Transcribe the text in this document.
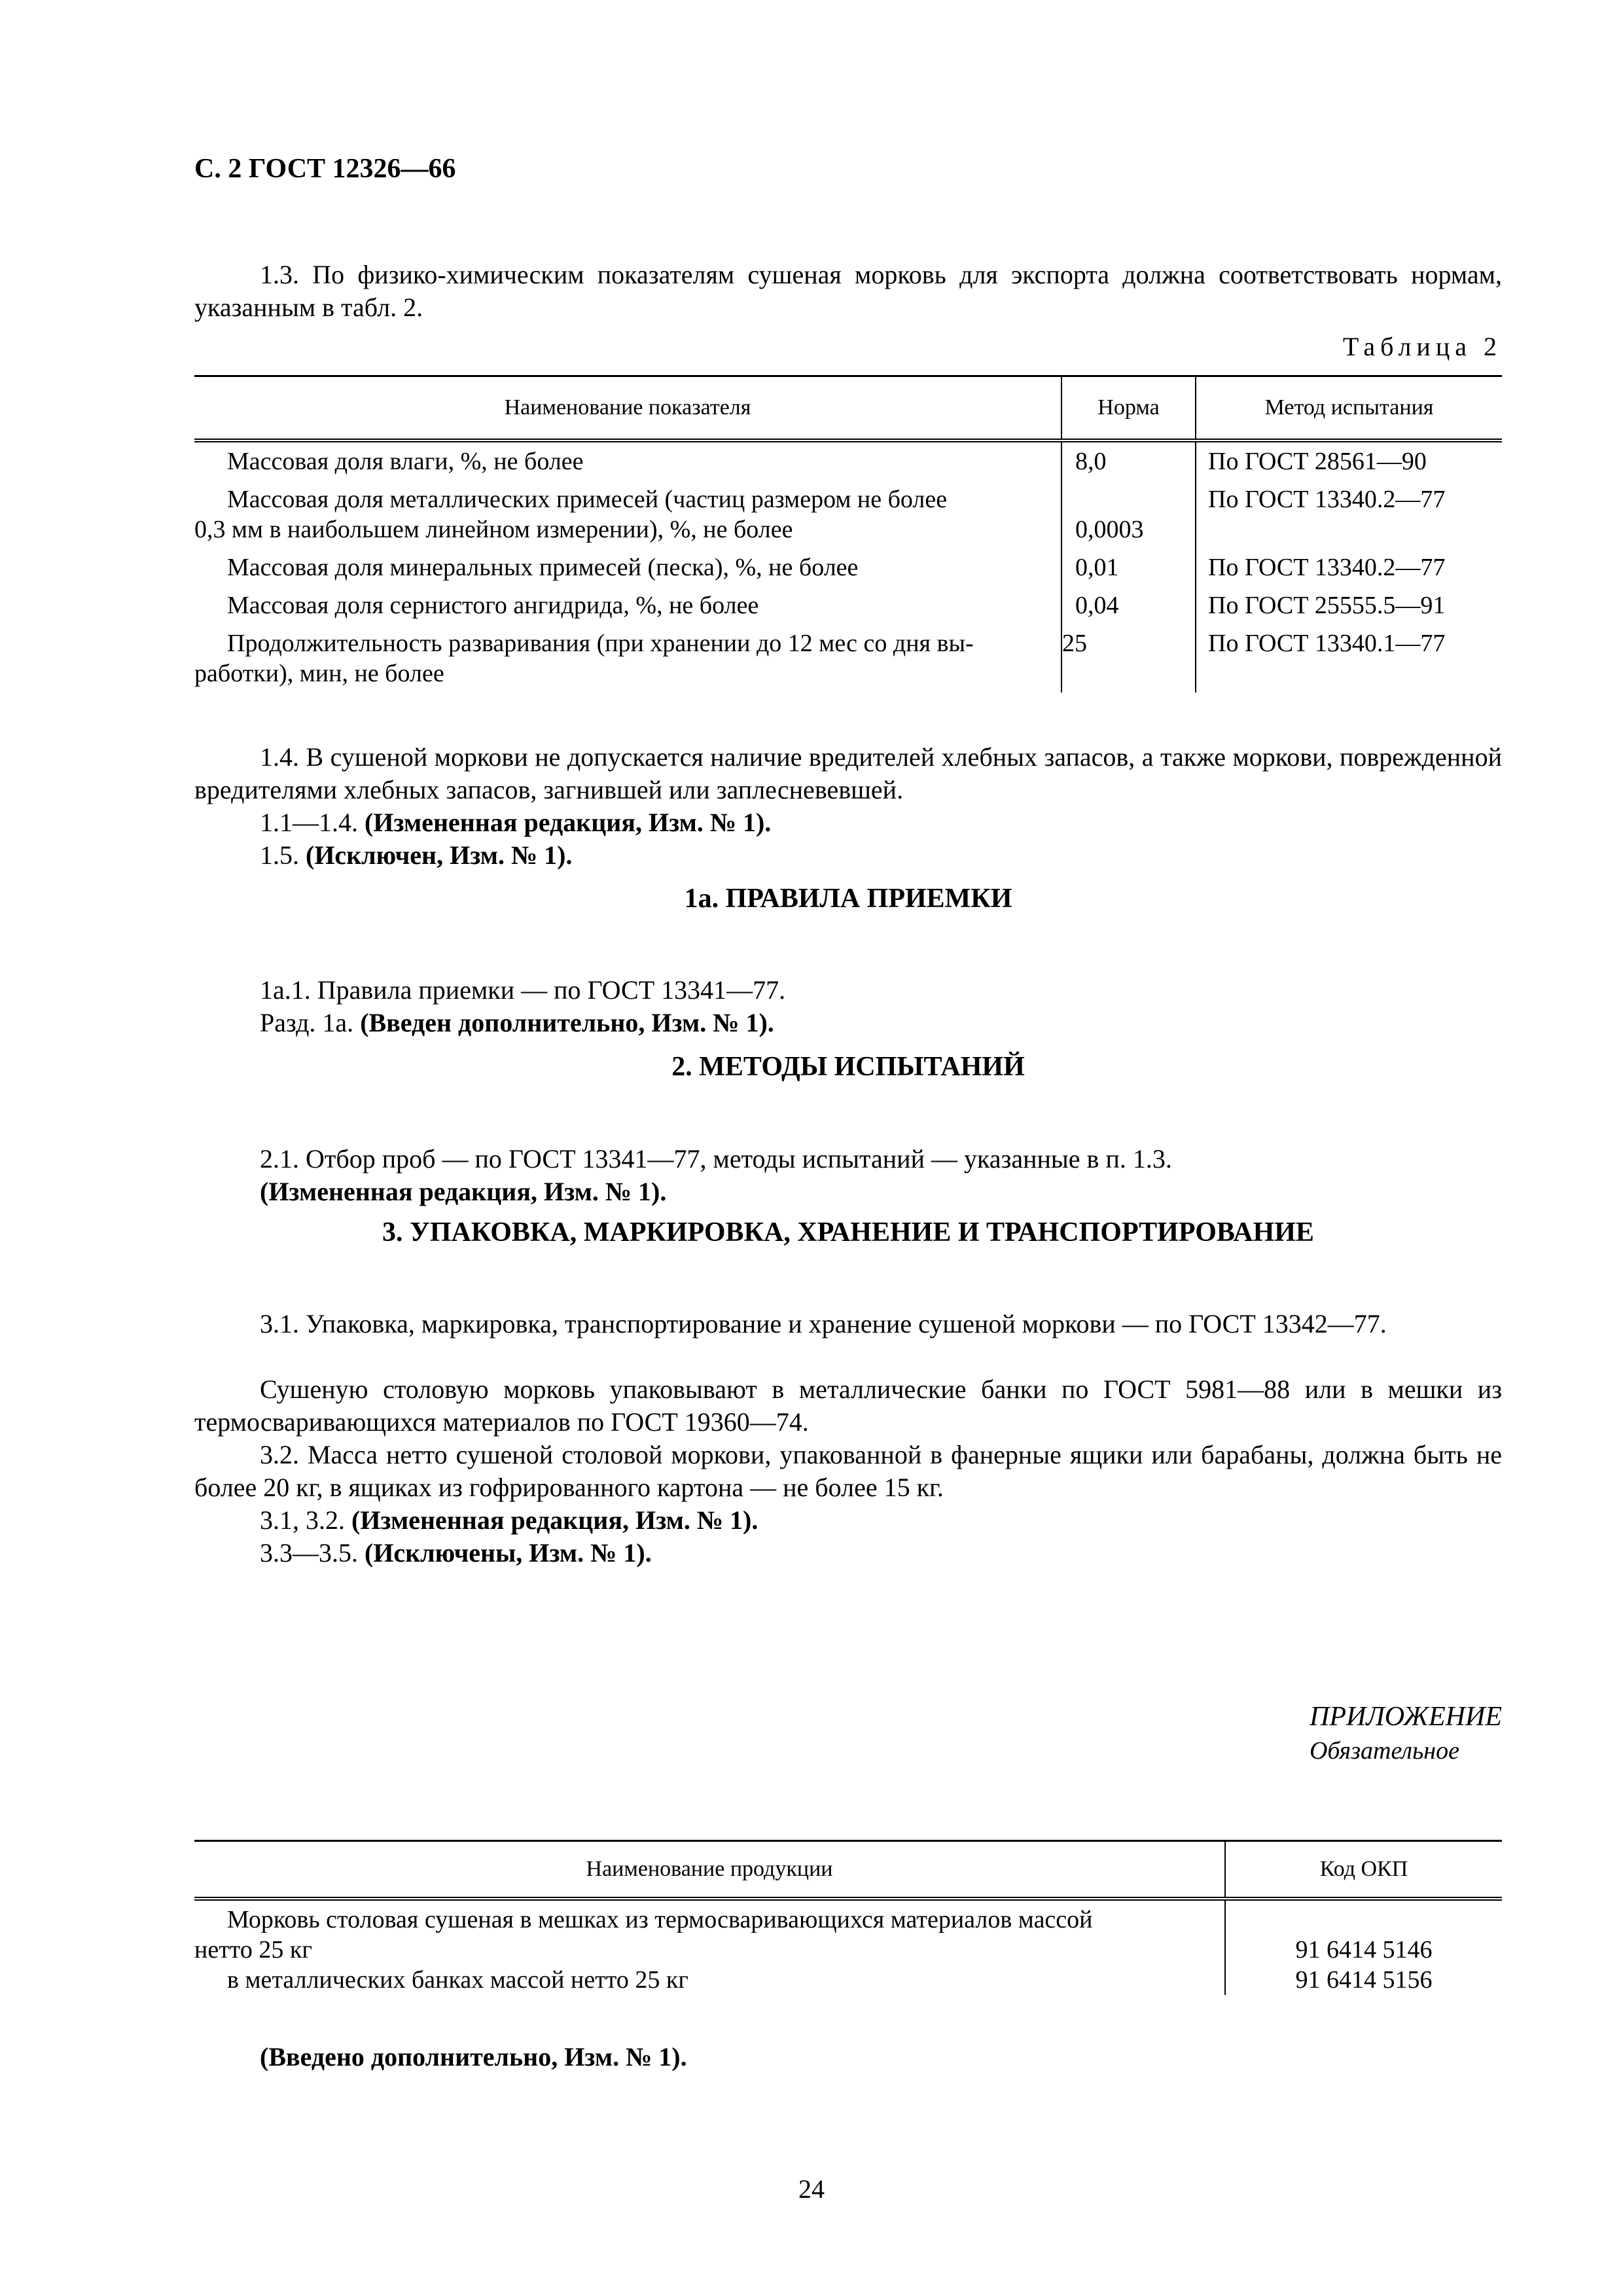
С. 2 ГОСТ 12326—66

1.3. По физико-химическим показателям сушеная морковь для экспорта должна соответствовать нормам, указанным в табл. 2.

Таблица 2
Наименование показателя	Норма	Метод испытания

Массовая доля влаги, %, не более	8,0	По ГОСТ 28561—90

Массовая доля металлических примесей (частиц размером не более
0,3 мм в наибольшем линейном измерении), %, не более	0,0003	По ГОСТ 13340.2—77

Массовая доля минеральных примесей (песка), %, не более	0,01	По ГОСТ 13340.2—77

Массовая доля сернистого ангидрида, %, не более	0,04	По ГОСТ 25555.5—91

Продолжительность разваривания (при хранении до 12 мес со дня вы-
работки), мин, не более	25	По ГОСТ 13340.1—77

1.4. В сушеной моркови не допускается наличие вредителей хлебных запасов, а также моркови, поврежденной вредителями хлебных запасов, загнившей или заплесневевшей.

1.1—1.4. (Измененная редакция, Изм. № 1).

1.5. (Исключен, Изм. № 1).

1а. ПРАВИЛА ПРИЕМКИ

1а.1. Правила приемки — по ГОСТ 13341—77.

Разд. 1а. (Введен дополнительно, Изм. № 1).

2. МЕТОДЫ ИСПЫТАНИЙ

2.1. Отбор проб — по ГОСТ 13341—77, методы испытаний — указанные в п. 1.3.

(Измененная редакция, Изм. № 1).

3. УПАКОВКА, МАРКИРОВКА, ХРАНЕНИЕ И ТРАНСПОРТИРОВАНИЕ

3.1. Упаковка, маркировка, транспортирование и хранение сушеной моркови — по ГОСТ 13342—77.

Сушеную столовую морковь упаковывают в металлические банки по ГОСТ 5981—88 или в мешки из термосваривающихся материалов по ГОСТ 19360—74.

3.2. Масса нетто сушеной столовой моркови, упакованной в фанерные ящики или барабаны, должна быть не более 20 кг, в ящиках из гофрированного картона — не более 15 кг.

3.1, 3.2. (Измененная редакция, Изм. № 1).

3.3—3.5. (Исключены, Изм. № 1).

ПРИЛОЖЕНИЕ
Обязательное
Наименование продукции	Код ОКП

Морковь столовая сушеная в мешках из термосваривающихся материалов массой
нетто 25 кг	91 6414 5146

в металлических банках массой нетто 25 кг	91 6414 5156

(Введено дополнительно, Изм. № 1).

24
